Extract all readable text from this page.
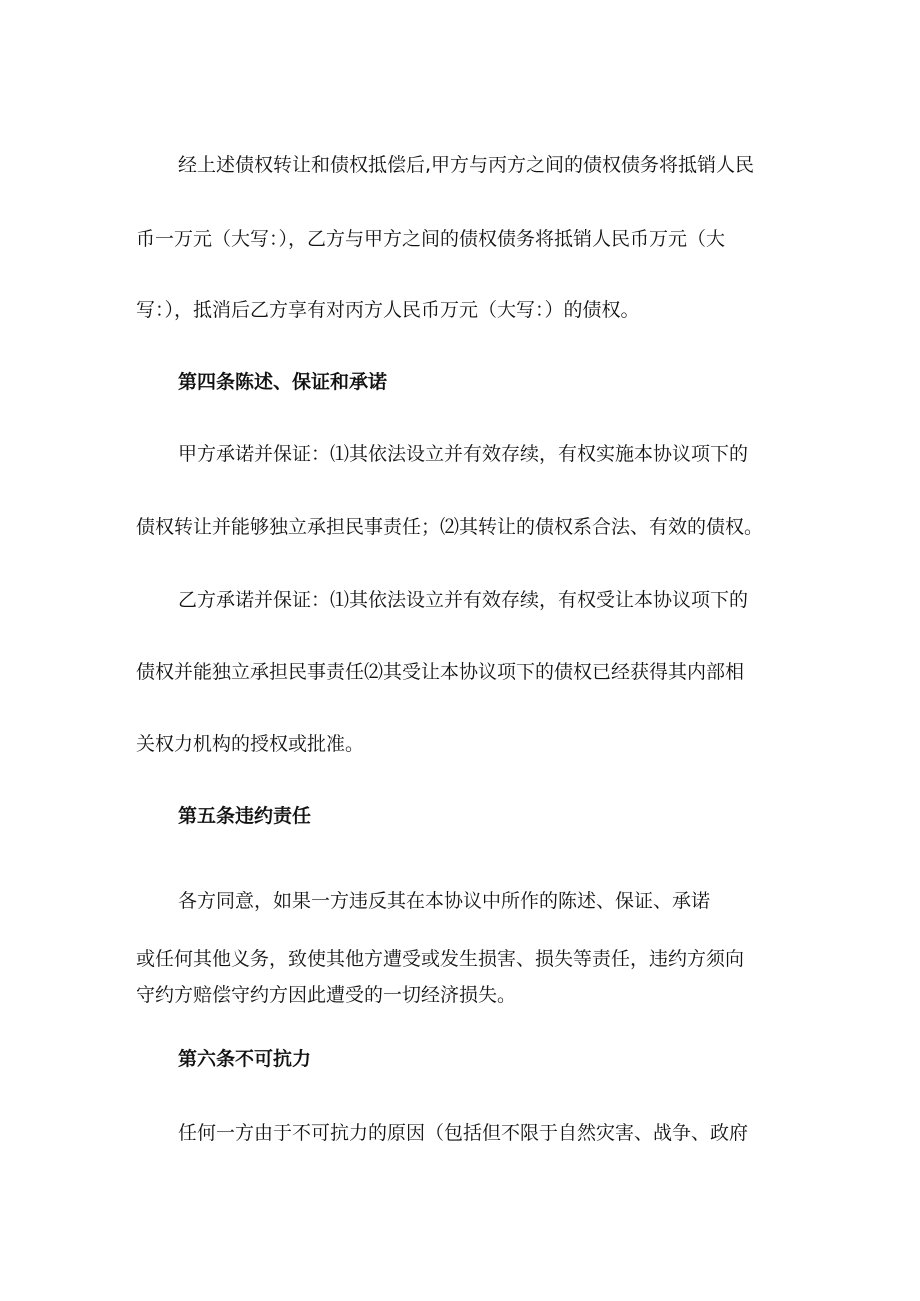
经上述债权转让和债权抵偿后,甲方与丙方之间的债权债务将抵销人民
币一万元（大写：），乙方与甲方之间的债权债务将抵销人民币万元（大
写：），抵消后乙方享有对丙方人民币万元（大写：）的债权。
第四条陈述、保证和承诺
甲方承诺并保证：⑴其依法设立并有效存续，有权实施本协议项下的
债权转让并能够独立承担民事责任；⑵其转让的债权系合法、有效的债权。
乙方承诺并保证：⑴其依法设立并有效存续，有权受让本协议项下的
债权并能独立承担民事责任⑵其受让本协议项下的债权已经获得其内部相
关权力机构的授权或批准。
第五条违约责任
各方同意，如果一方违反其在本协议中所作的陈述、保证、承诺
或任何其他义务，致使其他方遭受或发生损害、损失等责任，违约方须向
守约方赔偿守约方因此遭受的一切经济损失。
第六条不可抗力
任何一方由于不可抗力的原因（包括但不限于自然灾害、战争、政府
